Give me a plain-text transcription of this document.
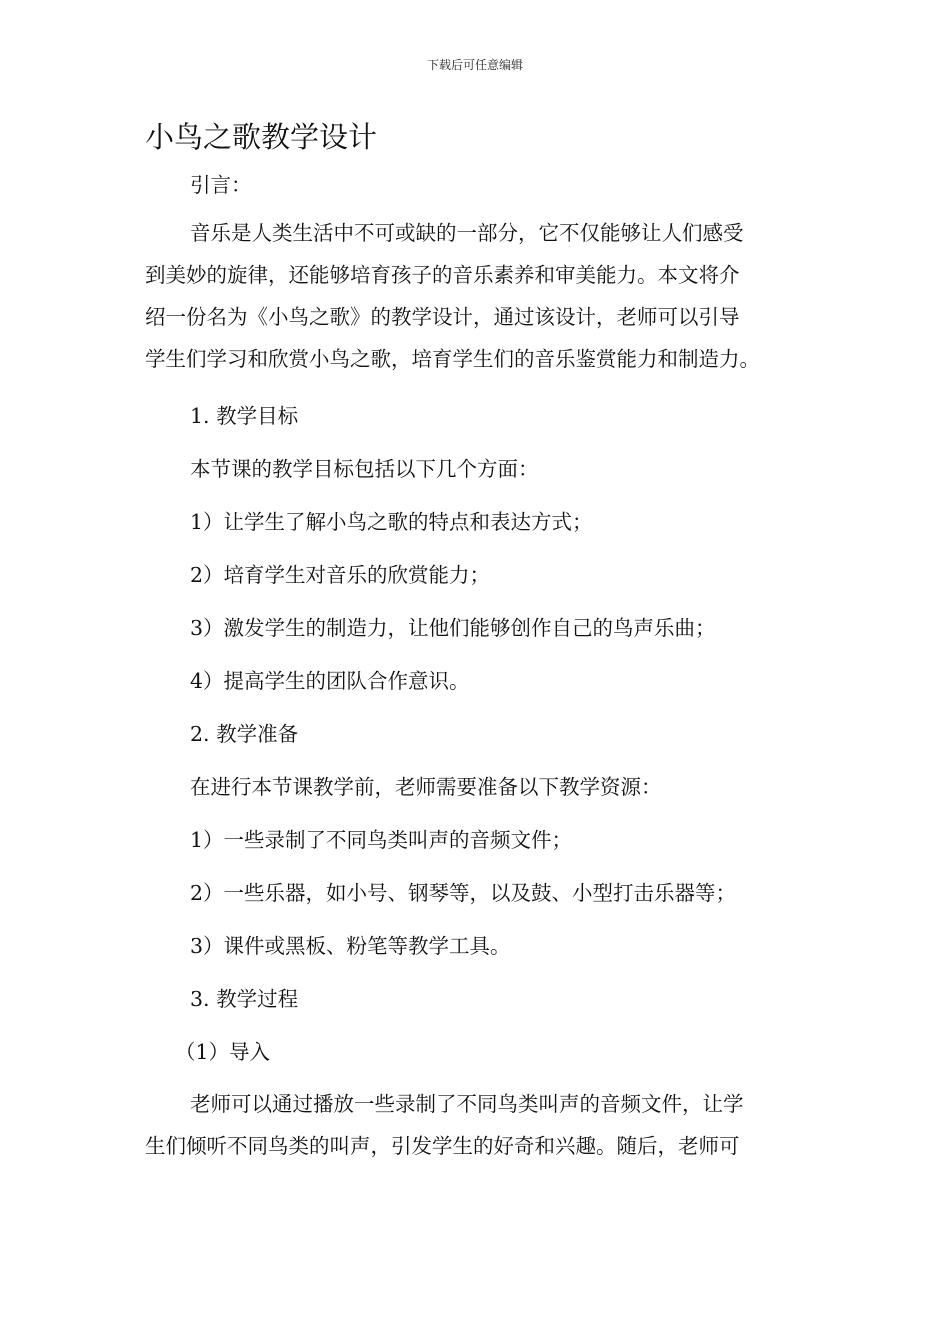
下载后可任意编辑
小鸟之歌教学设计

引言：

音乐是人类生活中不可或缺的一部分，它不仅能够让人们感受
到美妙的旋律，还能够培育孩子的音乐素养和审美能力。本文将介
绍一份名为《小鸟之歌》的教学设计，通过该设计，老师可以引导
学生们学习和欣赏小鸟之歌，培育学生们的音乐鉴赏能力和制造力。

1. 教学目标

本节课的教学目标包括以下几个方面：

1）让学生了解小鸟之歌的特点和表达方式；

2）培育学生对音乐的欣赏能力；

3）激发学生的制造力，让他们能够创作自己的鸟声乐曲；

4）提高学生的团队合作意识。

2. 教学准备

在进行本节课教学前，老师需要准备以下教学资源：

1）一些录制了不同鸟类叫声的音频文件；

2）一些乐器，如小号、钢琴等，以及鼓、小型打击乐器等；

3）课件或黑板、粉笔等教学工具。

3. 教学过程

（1）导入

老师可以通过播放一些录制了不同鸟类叫声的音频文件，让学
生们倾听不同鸟类的叫声，引发学生的好奇和兴趣。随后，老师可
